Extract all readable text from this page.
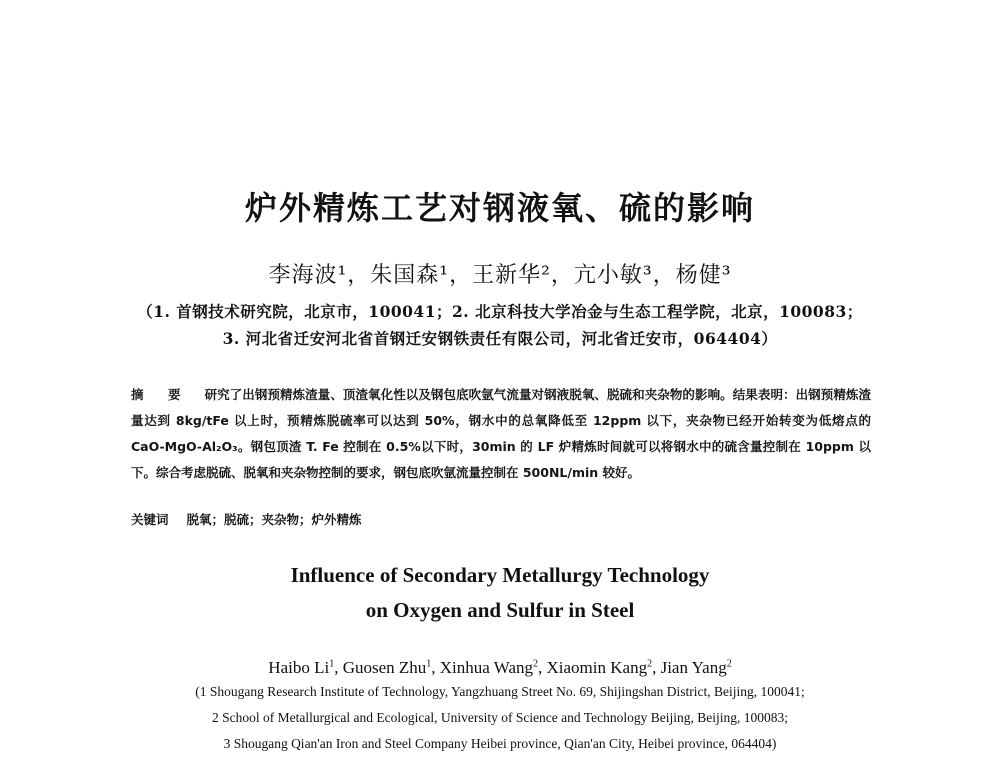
炉外精炼工艺对钢液氧、硫的影响
李海波¹，朱国森¹，王新华²，亢小敏³，杨健³
（1. 首钢技术研究院，北京市，100041；2. 北京科技大学冶金与生态工程学院，北京，100083；
3. 河北省迁安河北省首钢迁安钢铁责任有限公司，河北省迁安市，064404）
摘 要 研究了出钢预精炼渣量、顶渣氧化性以及钢包底吹氩气流量对钢液脱氧、脱硫和夹杂物的影响。结果表明：出钢预精炼渣量达到 8kg/tFe 以上时，预精炼脱硫率可以达到 50%，钢水中的总氧降低至 12ppm 以下，夹杂物已经开始转变为低熔点的 CaO-MgO-Al₂O₃。钢包顶渣 T. Fe 控制在 0.5%以下时，30min 的 LF 炉精炼时间就可以将钢水中的硫含量控制在 10ppm 以下。综合考虑脱硫、脱氧和夹杂物控制的要求，钢包底吹氩流量控制在 500NL/min 较好。
关键词 脱氧；脱硫；夹杂物；炉外精炼
Influence of Secondary Metallurgy Technology
on Oxygen and Sulfur in Steel
Haibo Li$^1$, Guosen Zhu$^1$, Xinhua Wang$^2$, Xiaomin Kang$^2$, Jian Yang$^2$
(1 Shougang Research Institute of Technology, Yangzhuang Street No. 69, Shijingshan District, Beijing, 100041;
2 School of Metallurgical and Ecological, University of Science and Technology Beijing, Beijing, 100083;
3 Shougang Qian'an Iron and Steel Company Heibei province, Qian'an City, Heibei province, 064404)
